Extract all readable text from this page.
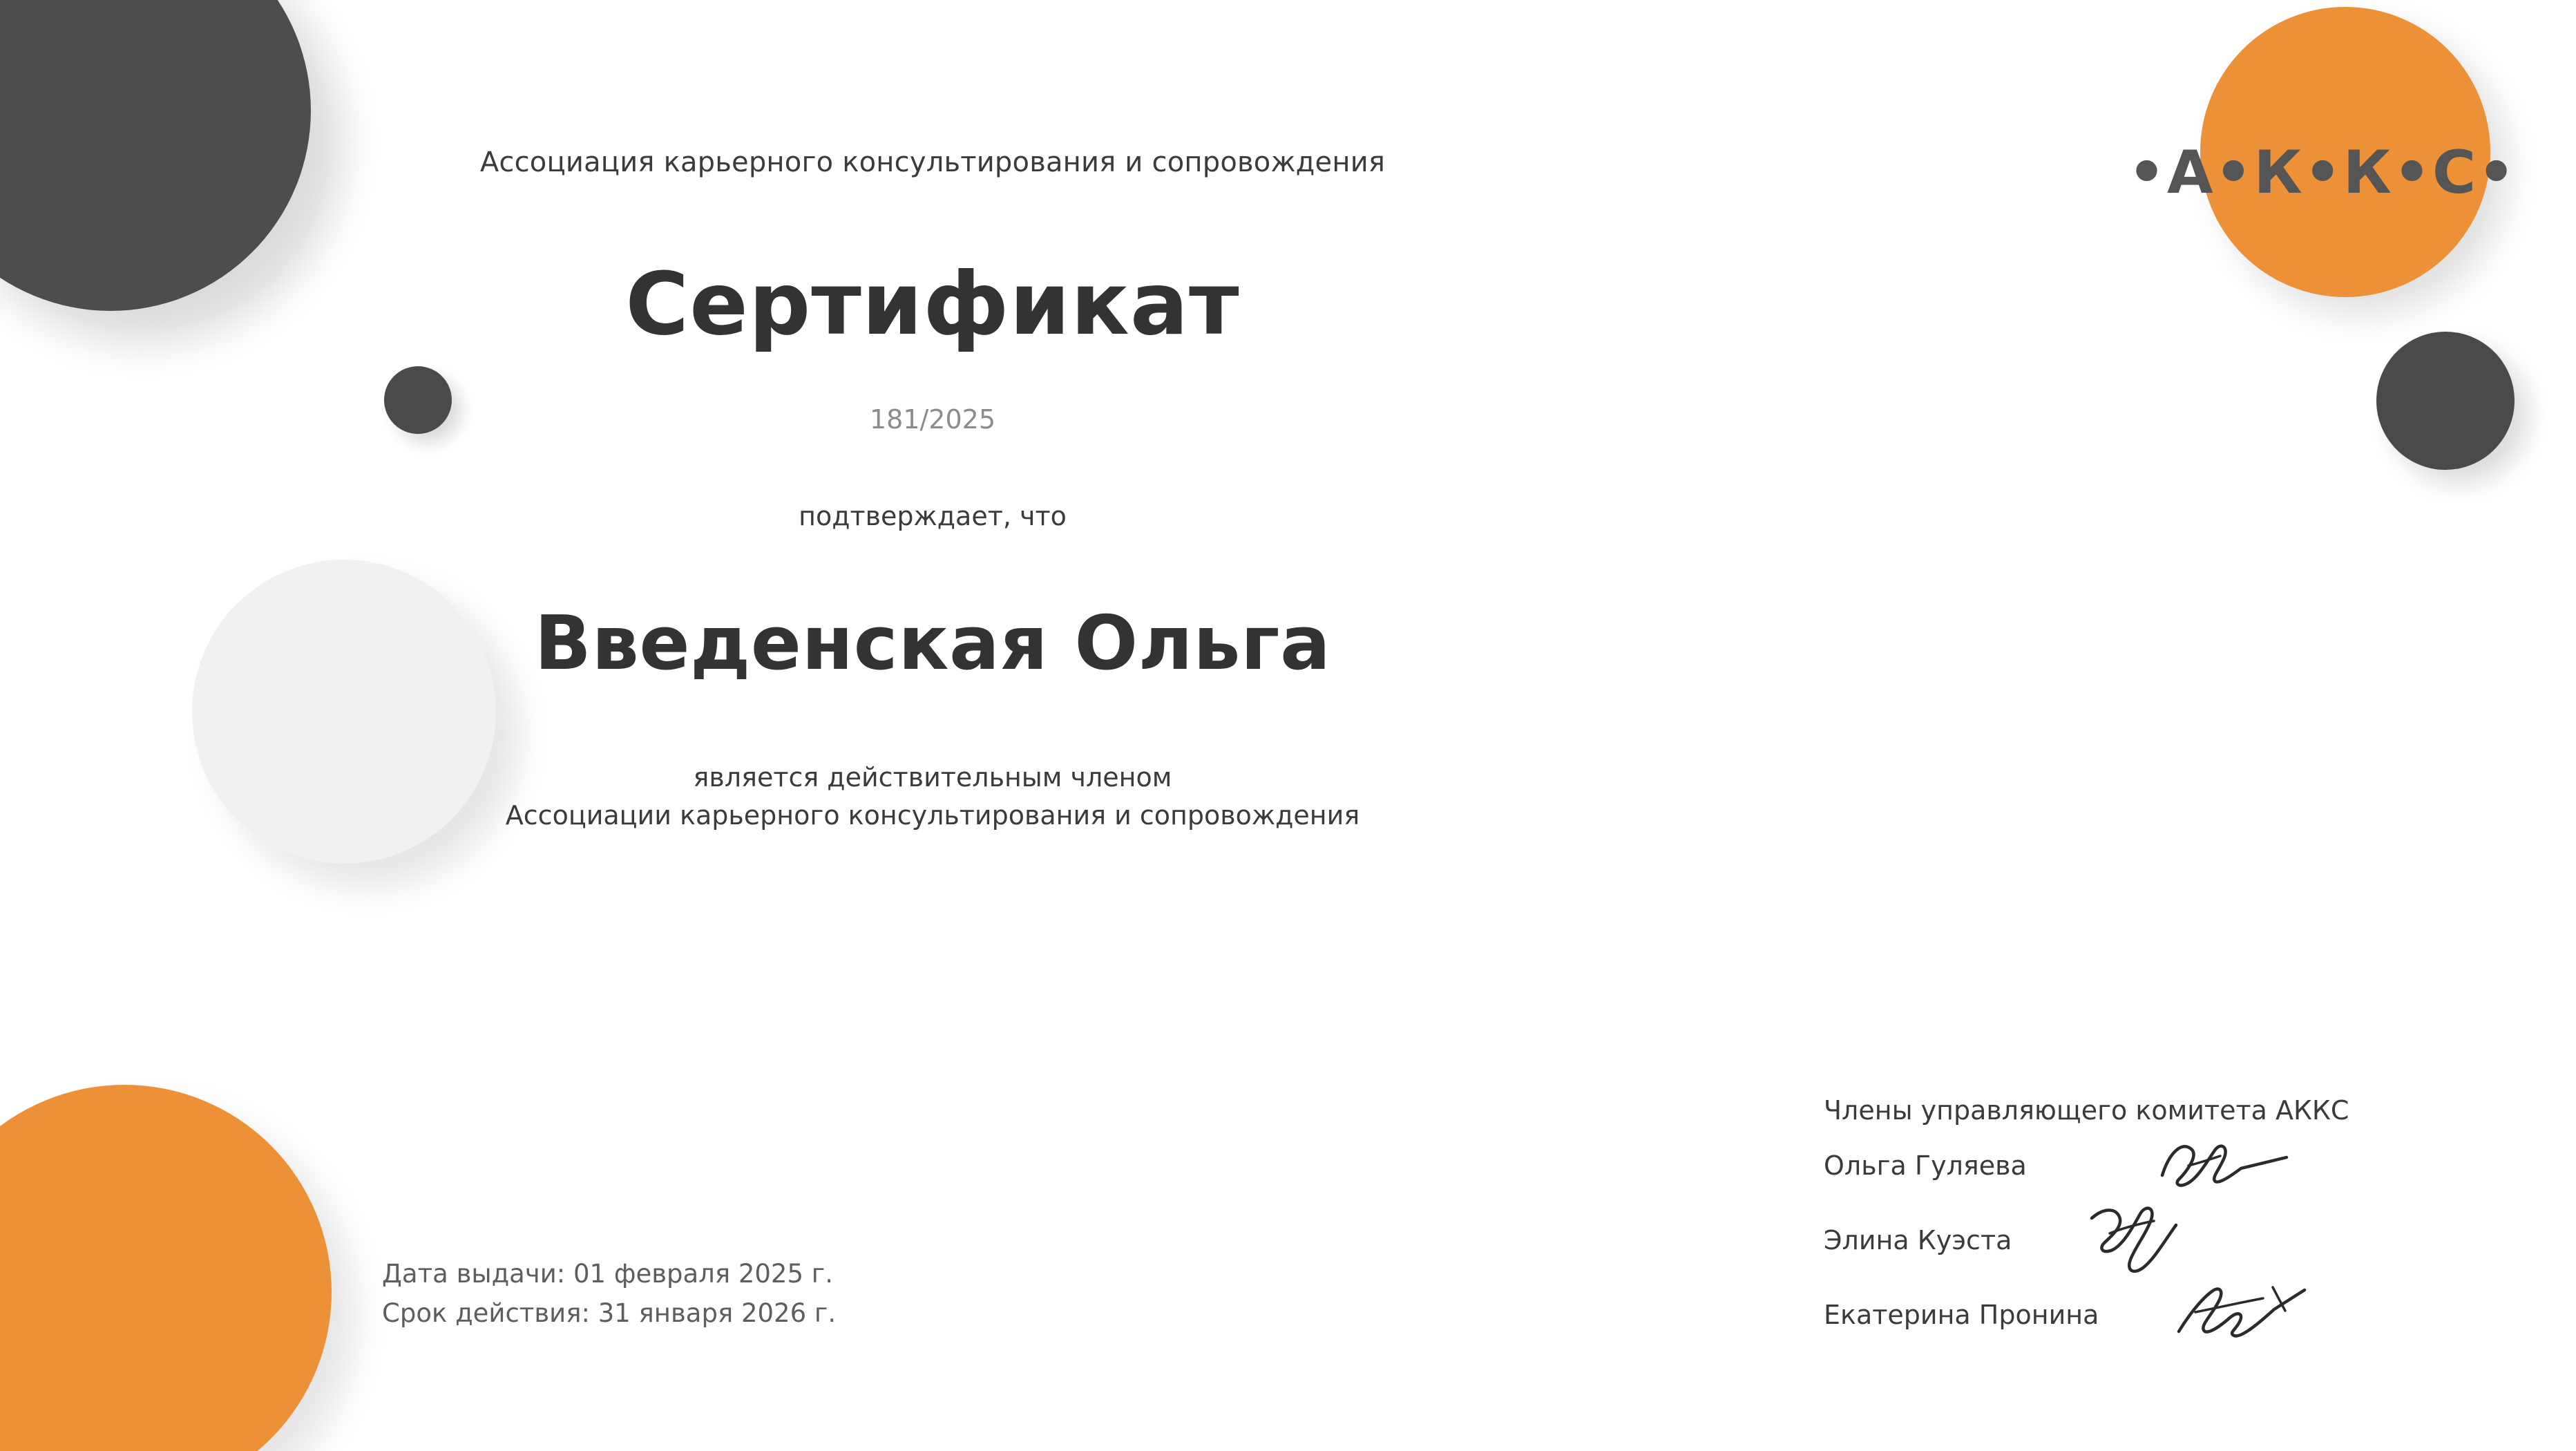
•А•К•К•С•
Ассоциация карьерного консультирования и сопровождения
Сертификат
181/2025
подтверждает, что
Введенская Ольга
является действительным членом
Ассоциации карьерного консультирования и сопровождения
Дата выдачи: 01 февраля 2025 г.
Срок действия: 31 января 2026 г.
Члены управляющего комитета АККС
Ольга Гуляева
Элина Куэста
Екатерина Пронина
